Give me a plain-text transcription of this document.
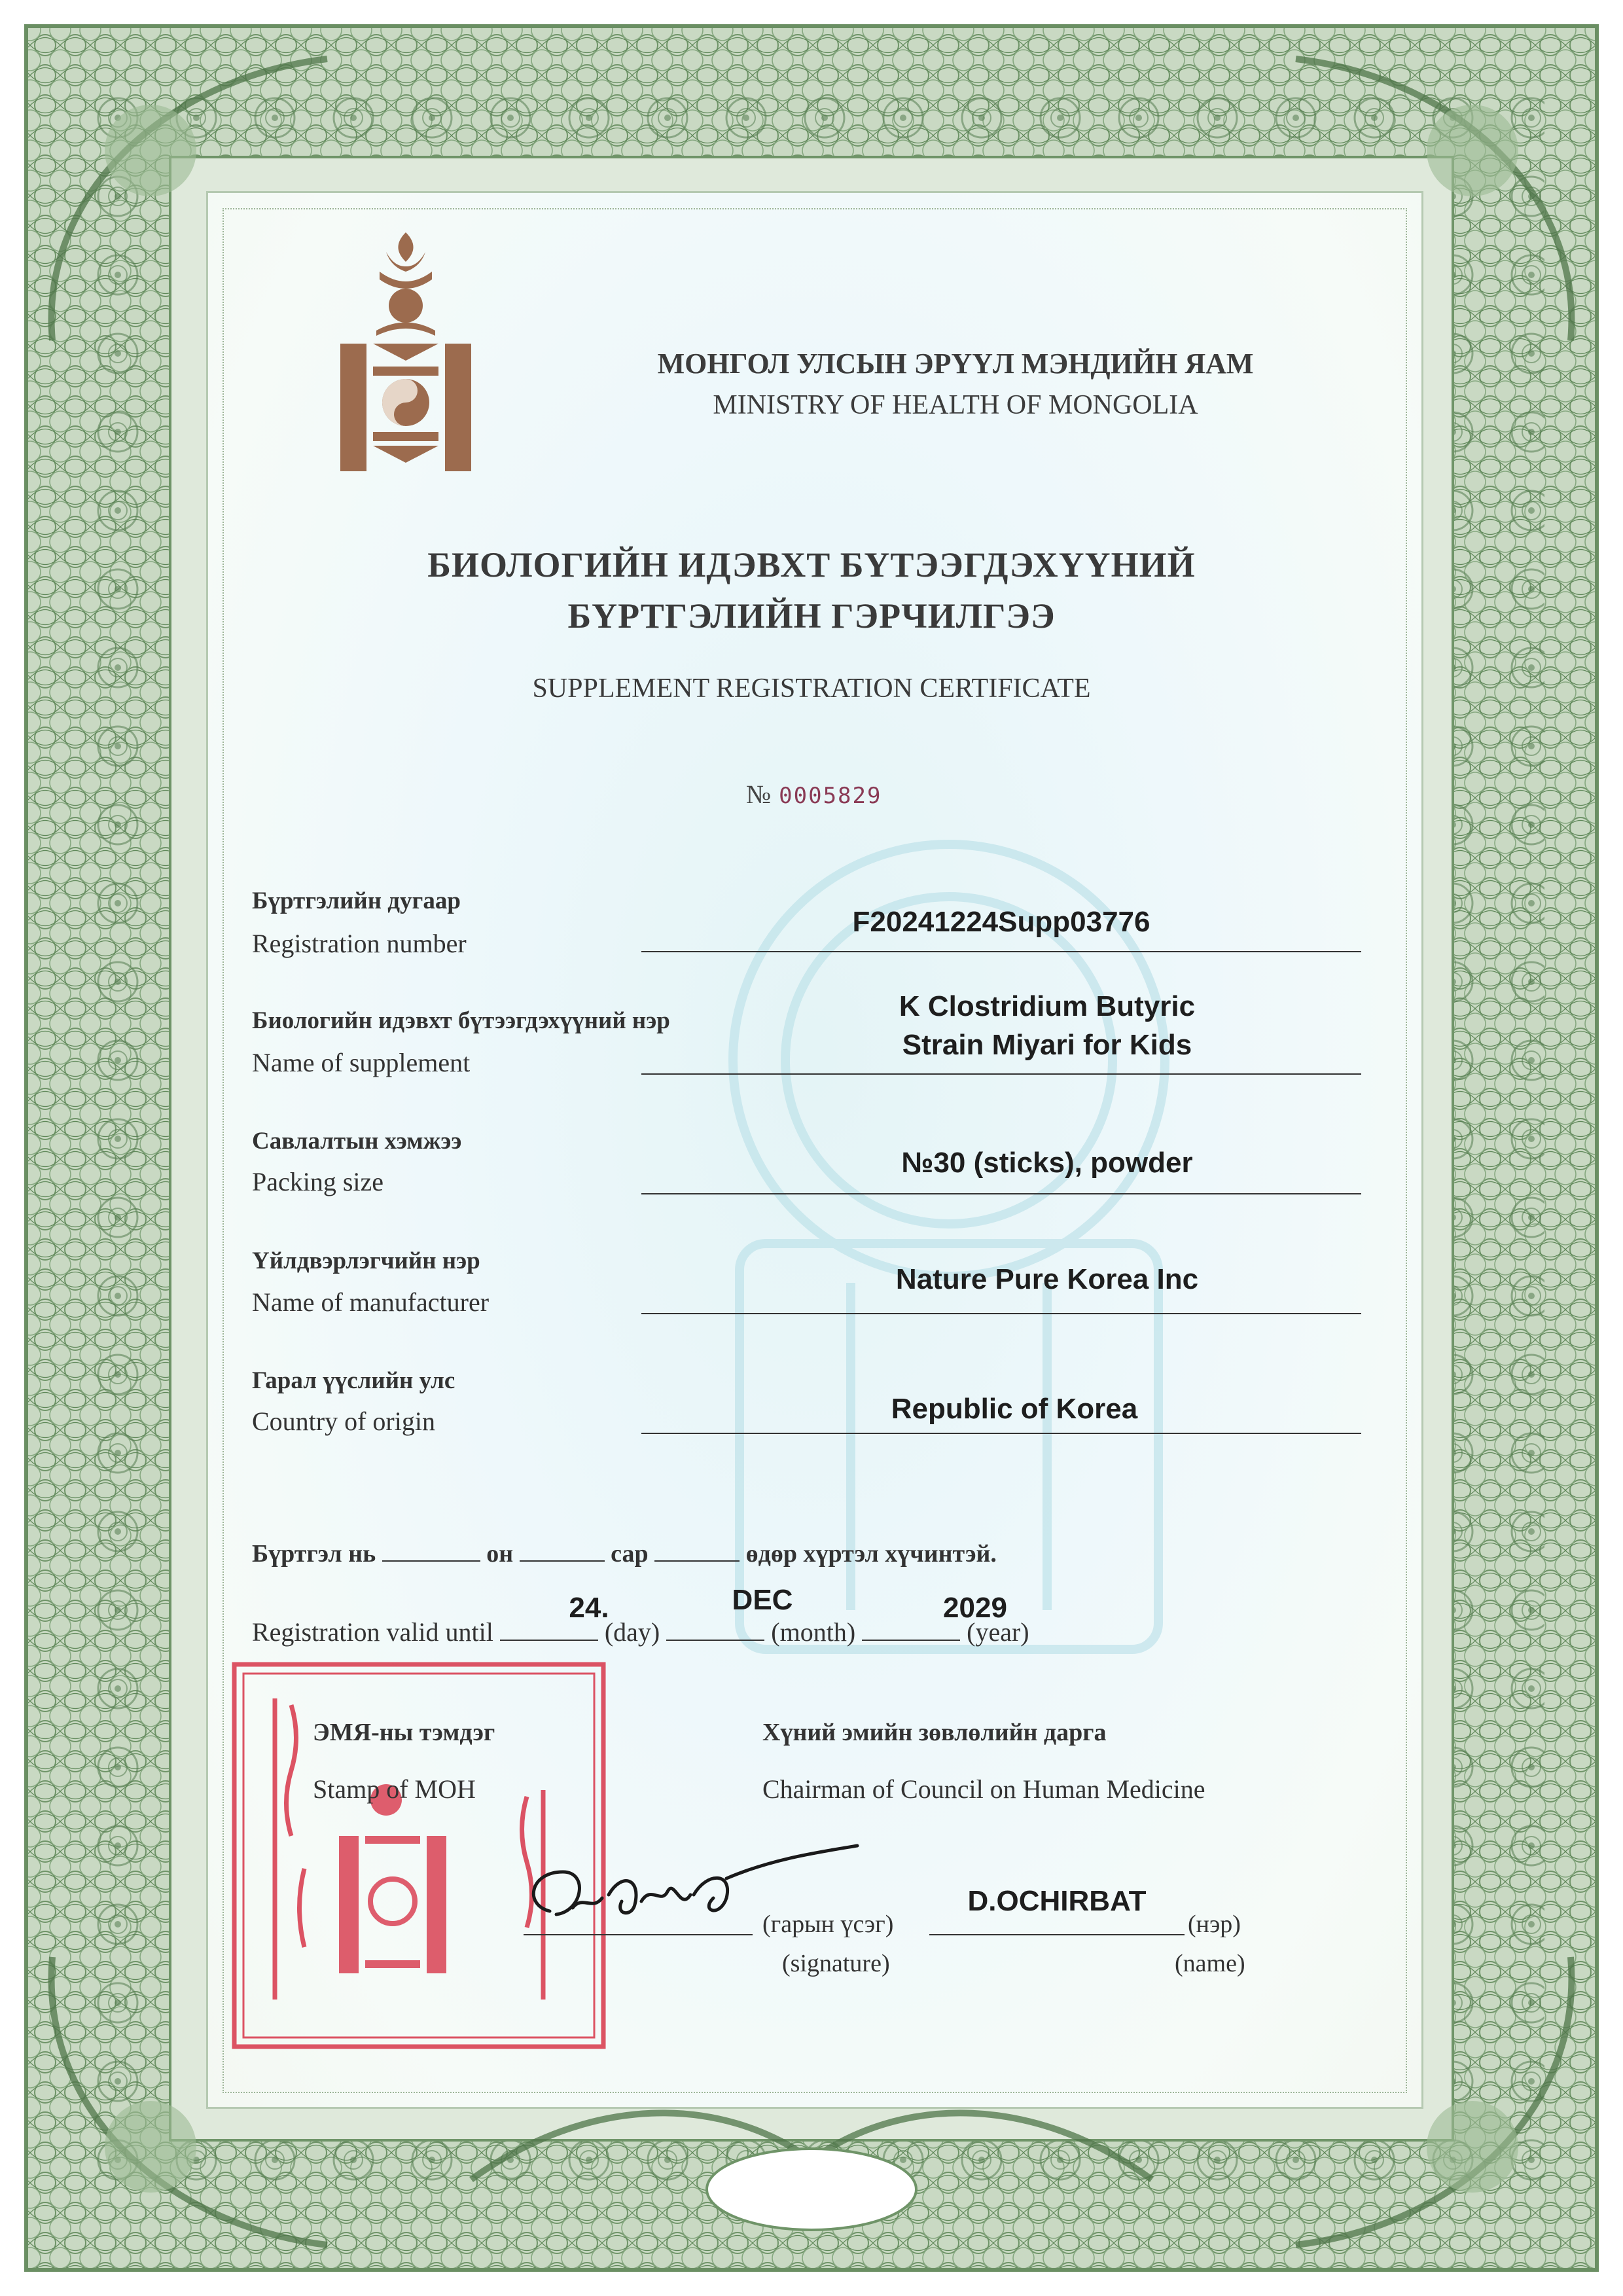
МОНГОЛ УЛСЫН ЭРҮҮЛ МЭНДИЙН ЯАМ
MINISTRY OF HEALTH OF MONGOLIA
БИОЛОГИЙН ИДЭВХТ БҮТЭЭГДЭХҮҮНИЙ
БҮРТГЭЛИЙН ГЭРЧИЛГЭЭ
SUPPLEMENT REGISTRATION CERTIFICATE
№ 0005829
Бүртгэлийн дугаар
Registration number
F20241224Supp03776
Биологийн идэвхт бүтээгдэхүүний нэр
Name of supplement
K Clostridium Butyric
Strain Miyari for Kids
Савлалтын хэмжээ
Packing size
№30 (sticks), powder
Үйлдвэрлэгчийн нэр
Name of manufacturer
Nature Pure Korea Inc
Гарал үүслийн улс
Country of origin	Republic of Korea
Бүртгэл нь	он	сар	өдөр хүртэл хүчинтэй.
Registration valid until	(day)	(month)	(year)
24.	DEC	2029
ЭМЯ-ны тэмдэг
Stamp of MOH
Хүний эмийн зөвлөлийн дарга
Chairman of Council on Human Medicine
(гарын үсэг)
(signature)
D.OCHIRBAT
(нэр)
(name)
